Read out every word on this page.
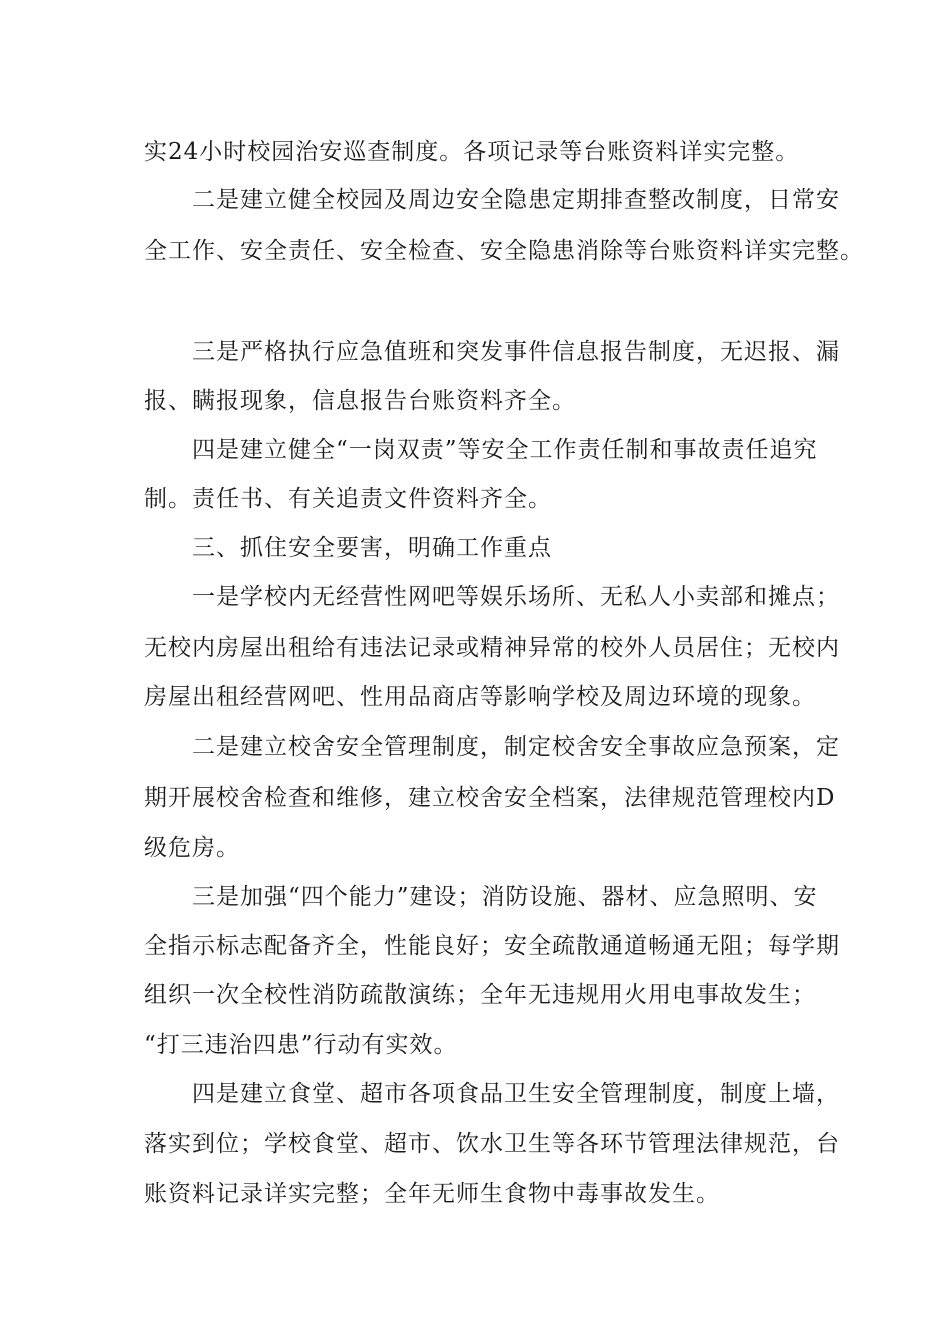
实24小时校园治安巡查制度。各项记录等台账资料详实完整。
二是建立健全校园及周边安全隐患定期排查整改制度，日常安
全工作、安全责任、安全检查、安全隐患消除等台账资料详实完整。
三是严格执行应急值班和突发事件信息报告制度，无迟报、漏
报、瞒报现象，信息报告台账资料齐全。
四是建立健全“一岗双责”等安全工作责任制和事故责任追究
制。责任书、有关追责文件资料齐全。
三、抓住安全要害，明确工作重点
一是学校内无经营性网吧等娱乐场所、无私人小卖部和摊点；
无校内房屋出租给有违法记录或精神异常的校外人员居住；无校内
房屋出租经营网吧、性用品商店等影响学校及周边环境的现象。
二是建立校舍安全管理制度，制定校舍安全事故应急预案，定
期开展校舍检查和维修，建立校舍安全档案，法律规范管理校内D
级危房。
三是加强“四个能力”建设；消防设施、器材、应急照明、安
全指示标志配备齐全，性能良好；安全疏散通道畅通无阻；每学期
组织一次全校性消防疏散演练；全年无违规用火用电事故发生；
“打三违治四患”行动有实效。
四是建立食堂、超市各项食品卫生安全管理制度，制度上墙，
落实到位；学校食堂、超市、饮水卫生等各环节管理法律规范，台
账资料记录详实完整；全年无师生食物中毒事故发生。
